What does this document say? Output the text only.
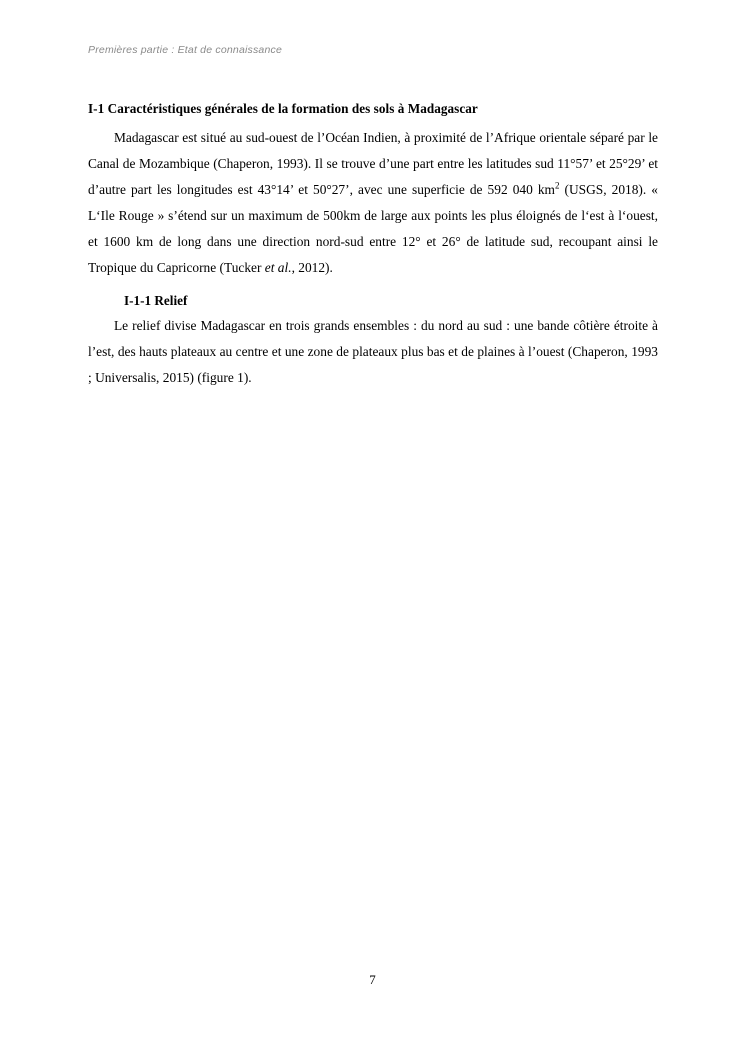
Premières partie : Etat de connaissance
I-1 Caractéristiques générales de la formation des sols à Madagascar

Madagascar est situé au sud-ouest de l’Océan Indien, à proximité de l’Afrique orientale séparé par le Canal de Mozambique (Chaperon, 1993). Il se trouve d’une part entre les latitudes sud 11°57’ et 25°29’ et d’autre part les longitudes est 43°14’ et 50°27’, avec une superficie de 592 040 $km^2$ (USGS, 2018). « L‘Ile Rouge » s’étend sur un maximum de 500km de large aux points les plus éloignés de l‘est à l‘ouest, et 1600 km de long dans une direction nord-sud entre 12° et 26° de latitude sud, recoupant ainsi le Tropique du Capricorne (Tucker et al., 2012).

I-1-1 Relief

Le relief divise Madagascar en trois grands ensembles : du nord au sud : une bande côtière étroite à l’est, des hauts plateaux au centre et une zone de plateaux plus bas et de plaines à l’ouest (Chaperon, 1993 ; Universalis, 2015) (figure 1).

7
